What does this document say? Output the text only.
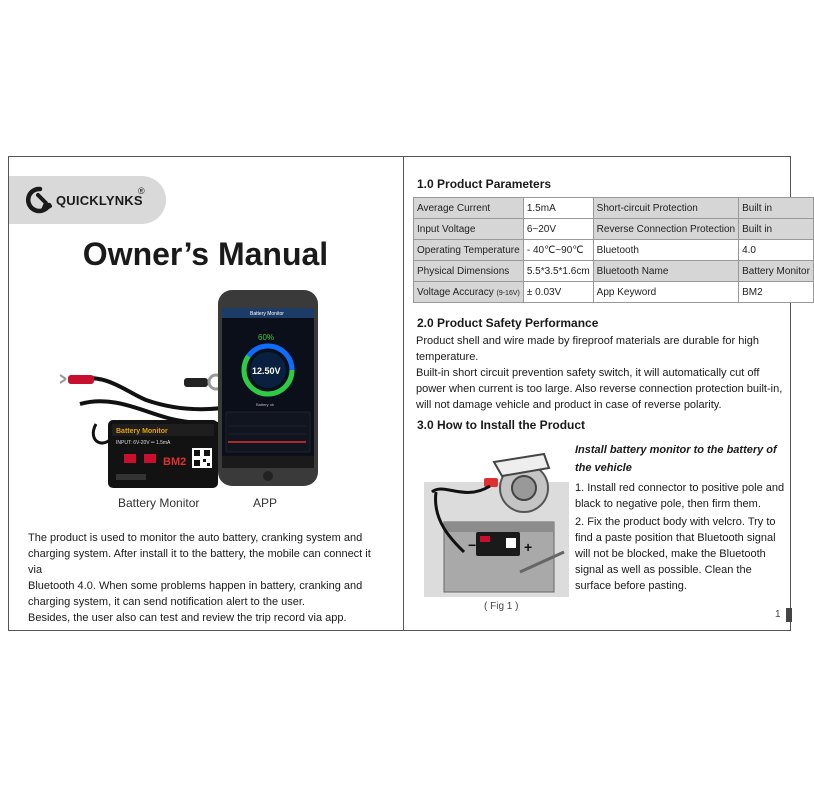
QUICKLYNKS
®
Owner’s Manual
Battery Monitor
INPUT: 6V-20V ═ 1.5mA
BM2
Battery Monitor
60%
12.50V
Battery ok
Battery Monitor	APP

The product is used to monitor the auto battery, cranking system and

charging system. After install it to the battery, the mobile can connect it via

Bluetooth 4.0. When some problems happen in battery, cranking and

charging system, it can send notification alert to the user.

Besides, the user also can test and review the trip record via app.

1.0 Product Parameters
Average Current	1.5mA	Short-circuit Protection	Built in
Input Voltage	6~20V	Reverse Connection Protection	Built in
Operating Temperature	- 40℃~90℃	Bluetooth	4.0
Physical Dimensions	5.5*3.5*1.6cm	Bluetooth Name	Battery Monitor
Voltage Accuracy (9-16V)	± 0.03V	App Keyword	BM2
2.0 Product Safety Performance

Product shell and wire made by fireproof materials are durable for high temperature.

Built-in short circuit prevention safety switch, it will automatically cut off power when current is too large. Also reverse connection protection built-in, will not damage vehicle and product in case of reverse polarity.

3.0 How to Install the Product
+
−
( Fig 1 )
Install battery monitor to the battery of the vehicle
1. Install red connector to positive pole and black to negative pole, then firm them.
2. Fix the product body with velcro. Try to find a paste position that Bluetooth signal will not be blocked, make the Bluetooth signal as well as possible. Clean the surface before pasting.
1
